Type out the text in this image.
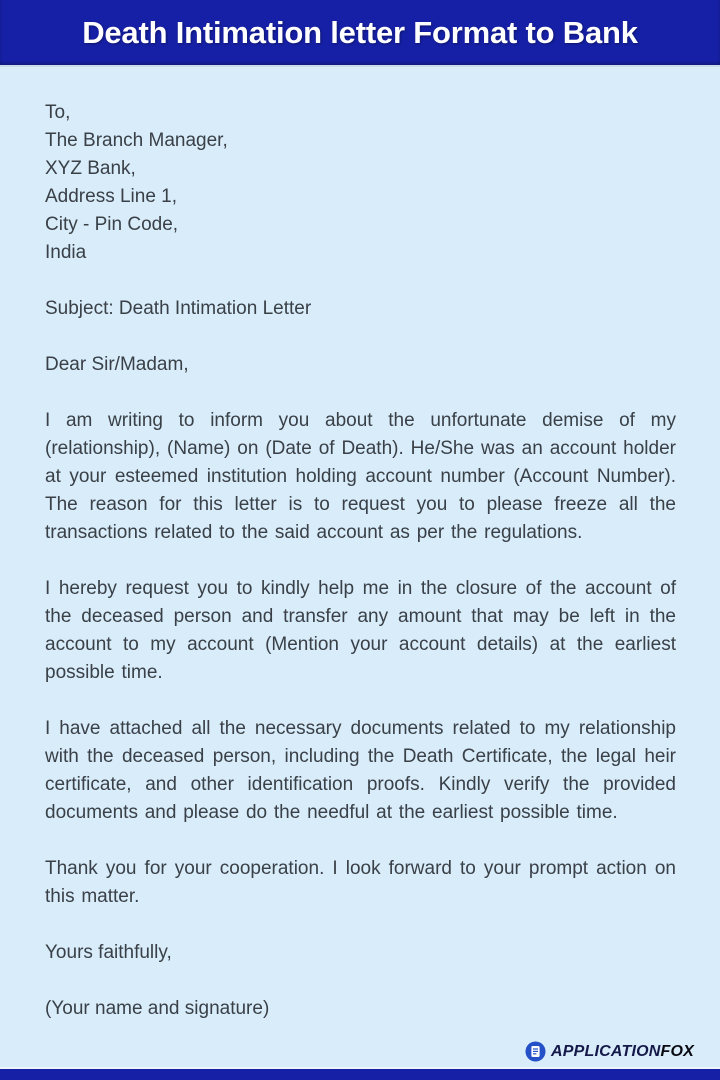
Death Intimation letter Format to Bank

To,

The Branch Manager,

XYZ Bank,

Address Line 1,

City - Pin Code,

India

Subject: Death Intimation Letter

Dear Sir/Madam,

I am writing to inform you about the unfortunate demise of my (relationship), (Name) on (Date of Death). He/She was an account holder at your esteemed institution holding account number (Account Number). The reason for this letter is to request you to please freeze all the transactions related to the said account as per the regulations.

I hereby request you to kindly help me in the closure of the account of the deceased person and transfer any amount that may be left in the account to my account (Mention your account details) at the earliest possible time.

I have attached all the necessary documents related to my relationship with the deceased person, including the Death Certificate, the legal heir certificate, and other identification proofs. Kindly verify the provided documents and please do the needful at the earliest possible time.

Thank you for your cooperation. I look forward to your prompt action on this matter.

Yours faithfully,

(Your name and signature)

APPLICATIONFOX
